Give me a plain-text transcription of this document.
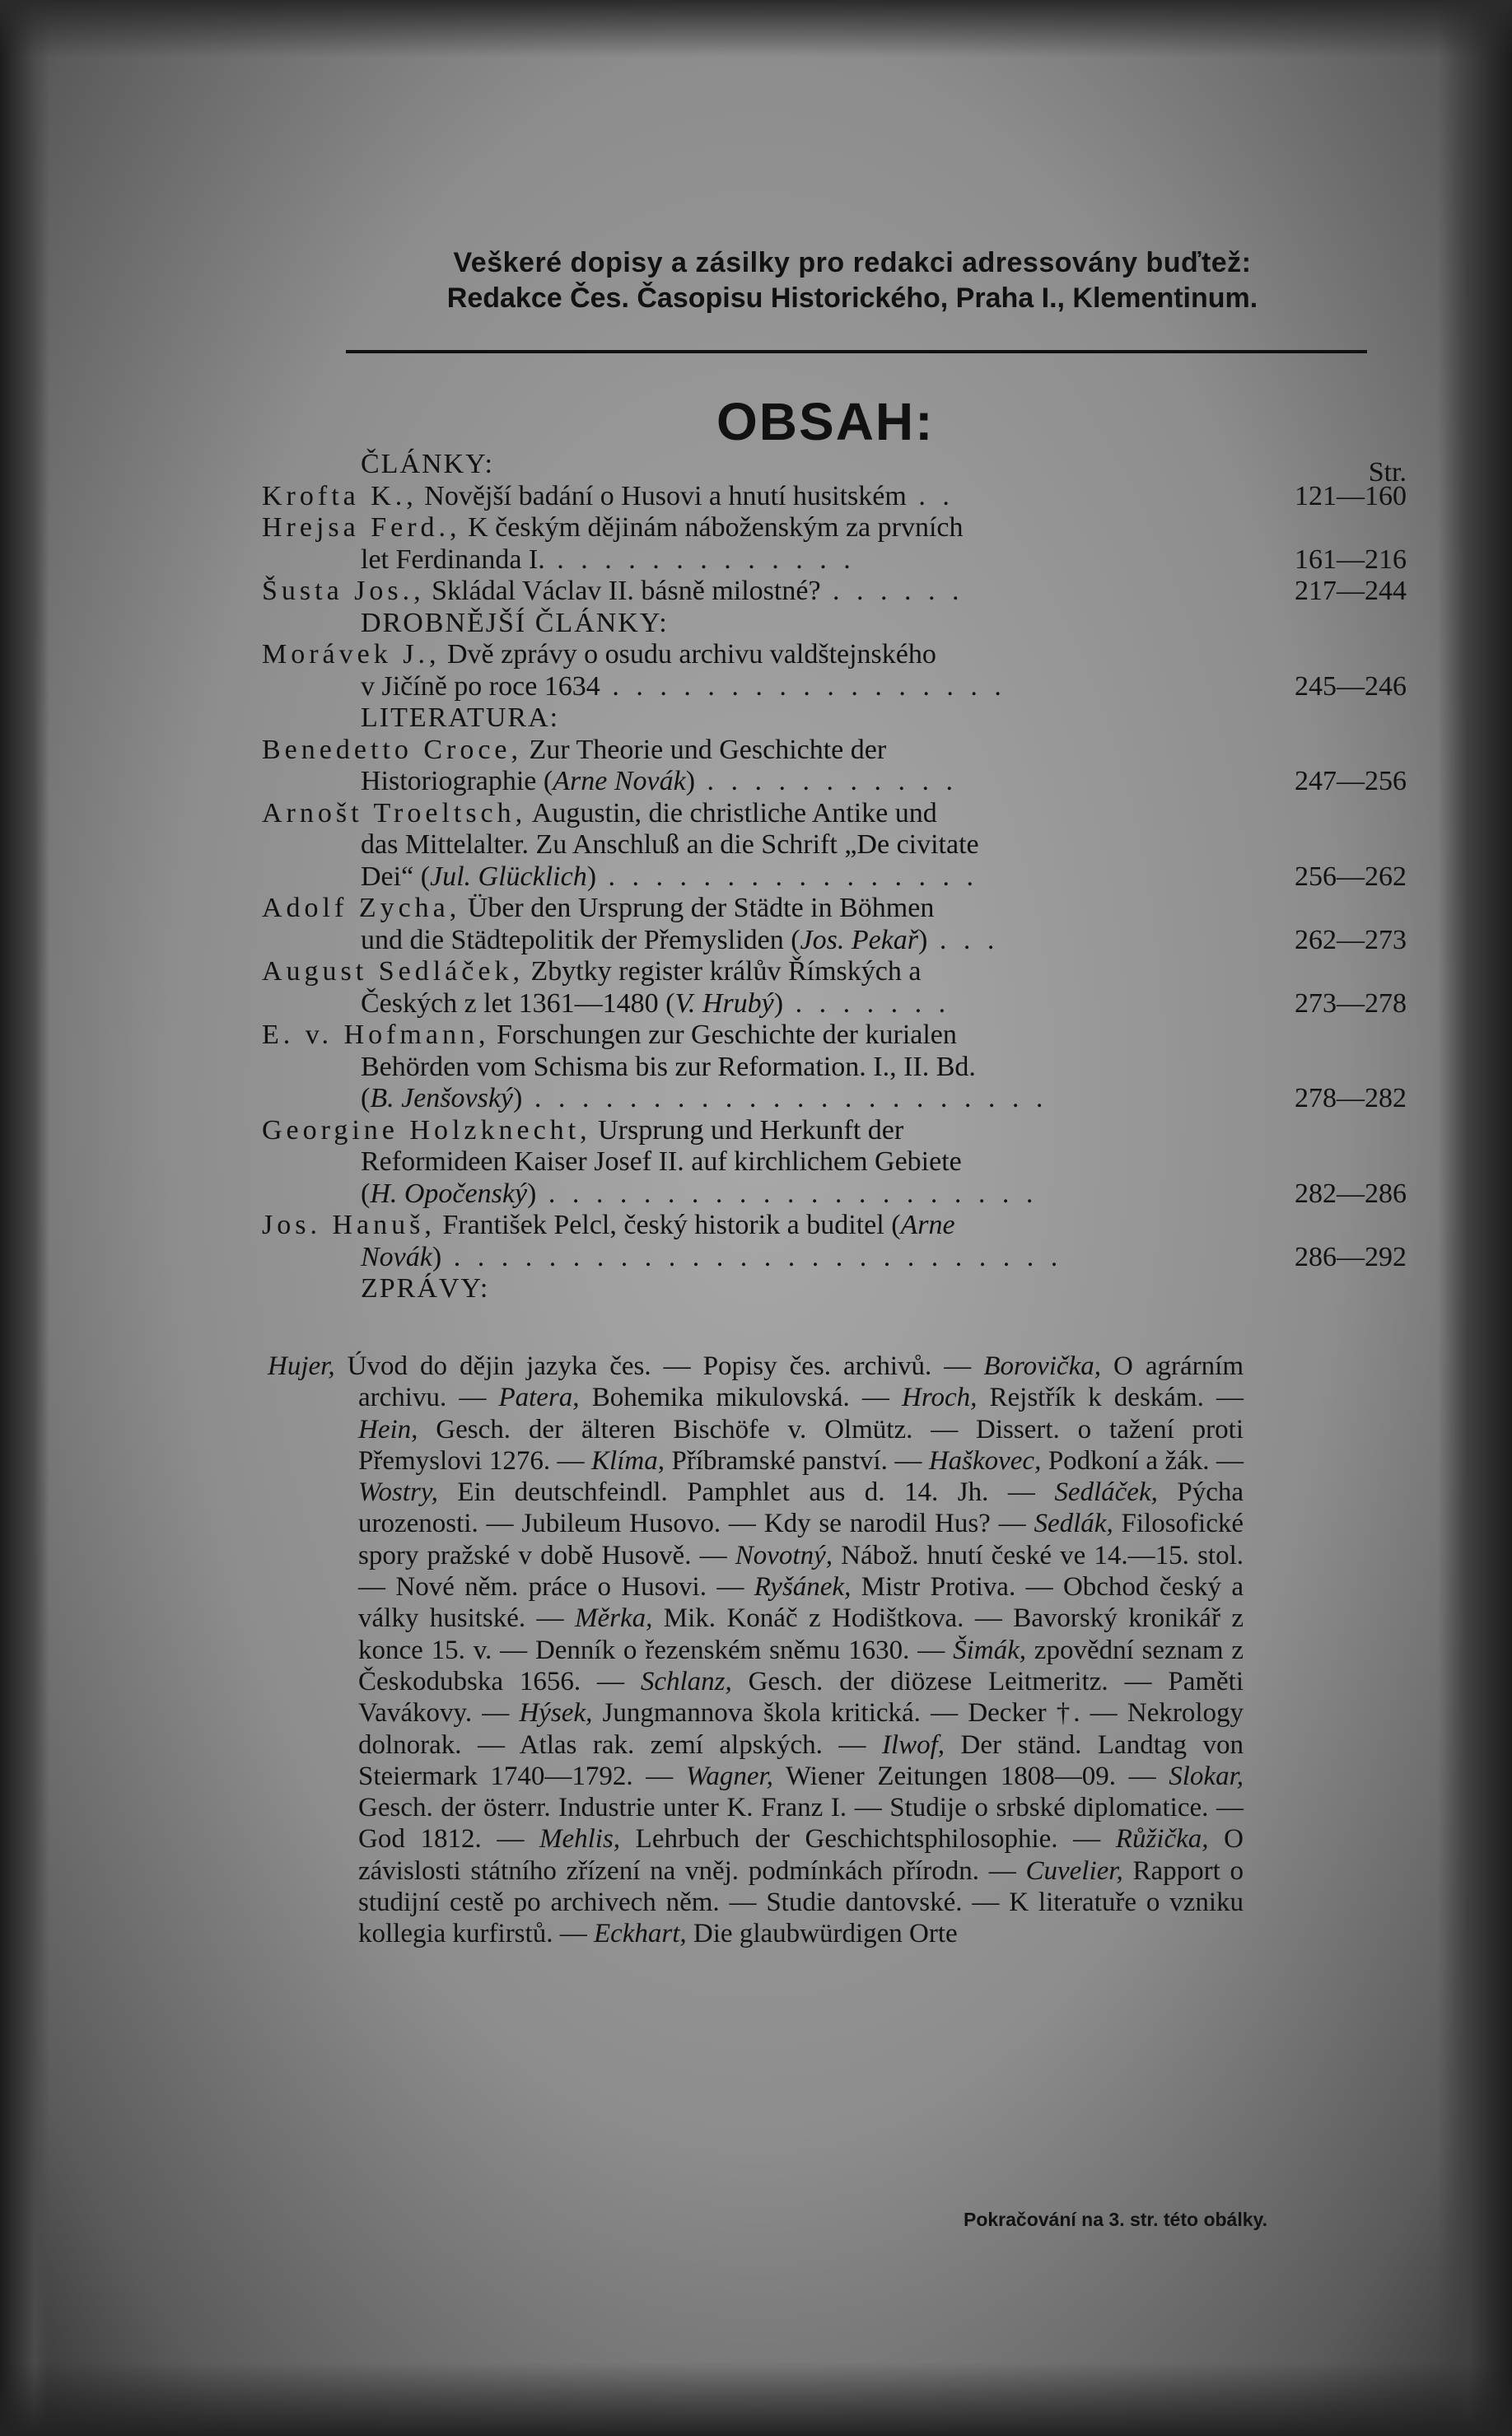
Veškeré dopisy a zásilky pro redakci adressovány buďtež:
Redakce Čes. Časopisu Historického, Praha I., Klementinum.
OBSAH:
ČLÁNKY:	Str.
Krofta K., Novější badání o Husovi a hnutí husitském . .	121—160
Hrejsa Ferd., K českým dějinám náboženským za prvních
let Ferdinanda I. . . . . . . . . . . . . .	161—216
Šusta Jos., Skládal Václav II. básně milostné? . . . . . .	217—244
DROBNĚJŠÍ ČLÁNKY:
Morávek J., Dvě zprávy o osudu archivu valdštejnského
v Jičíně po roce 1634 . . . . . . . . . . . . . . . . .	245—246
LITERATURA:
Benedetto Croce, Zur Theorie und Geschichte der
Historiographie (Arne Novák) . . . . . . . . . . .	247—256
Arnošt Troeltsch, Augustin, die christliche Antike und
das Mittelalter. Zu Anschluß an die Schrift „De civitate
Dei“ (Jul. Glücklich) . . . . . . . . . . . . . . . .	256—262
Adolf Zycha, Über den Ursprung der Städte in Böhmen
und die Städtepolitik der Přemysliden (Jos. Pekař) . . .	262—273
August Sedláček, Zbytky register králův Římských a
Českých z let 1361—1480 (V. Hrubý) . . . . . . .	273—278
E. v. Hofmann, Forschungen zur Geschichte der kurialen
Behörden vom Schisma bis zur Reformation. I., II. Bd.
(B. Jenšovský) . . . . . . . . . . . . . . . . . . . . . .	278—282
Georgine Holzknecht, Ursprung und Herkunft der
Reformideen Kaiser Josef II. auf kirchlichem Gebiete
(H. Opočenský) . . . . . . . . . . . . . . . . . . . . .	282—286
Jos. Hanuš, František Pelcl, český historik a buditel (Arne
Novák) . . . . . . . . . . . . . . . . . . . . . . . . . .	286—292
ZPRÁVY:
Hujer, Úvod do dějin jazyka čes. — Popisy čes. archivů. — Borovička, O agrárním archivu. — Patera, Bohemika mikulovská. — Hroch, Rejstřík k deskám. — Hein, Gesch. der älteren Bischöfe v. Olmütz. — Dissert. o tažení proti Přemyslovi 1276. — Klíma, Příbramské panství. — Haškovec, Podkoní a žák. — Wostry, Ein deutschfeindl. Pamphlet aus d. 14. Jh. — Sedláček, Pýcha urozenosti. — Jubileum Husovo. — Kdy se narodil Hus? — Sedlák, Filosofické spory pražské v době Husově. — Novotný, Nábož. hnutí české ve 14.—15. stol. — Nové něm. práce o Husovi. — Ryšánek, Mistr Protiva. — Obchod český a války husitské. — Měrka, Mik. Konáč z Hodištkova. — Bavorský kronikář z konce 15. v. — Denník o řezenském sněmu 1630. — Šimák, zpovědní seznam z Českodubska 1656. — Schlanz, Gesch. der diözese Leitmeritz. — Paměti Vavákovy. — Hýsek, Jungmannova škola kritická. — Decker †. — Nekrology dolnorak. — Atlas rak. zemí alpských. — Ilwof, Der ständ. Landtag von Steiermark 1740—1792. — Wagner, Wiener Zeitungen 1808—09. — Slokar, Gesch. der österr. Industrie unter K. Franz I. — Studije o srbské diplomatice. — God 1812. — Mehlis, Lehrbuch der Geschichtsphilosophie. — Růžička, O závislosti státního zřízení na vněj. podmínkách přírodn. — Cuvelier, Rapport o studijní cestě po archivech něm. — Studie dantovské. — K literatuře o vzniku kollegia kurfirstů. — Eckhart, Die glaubwürdigen Orte
Pokračování na 3. str. této obálky.
